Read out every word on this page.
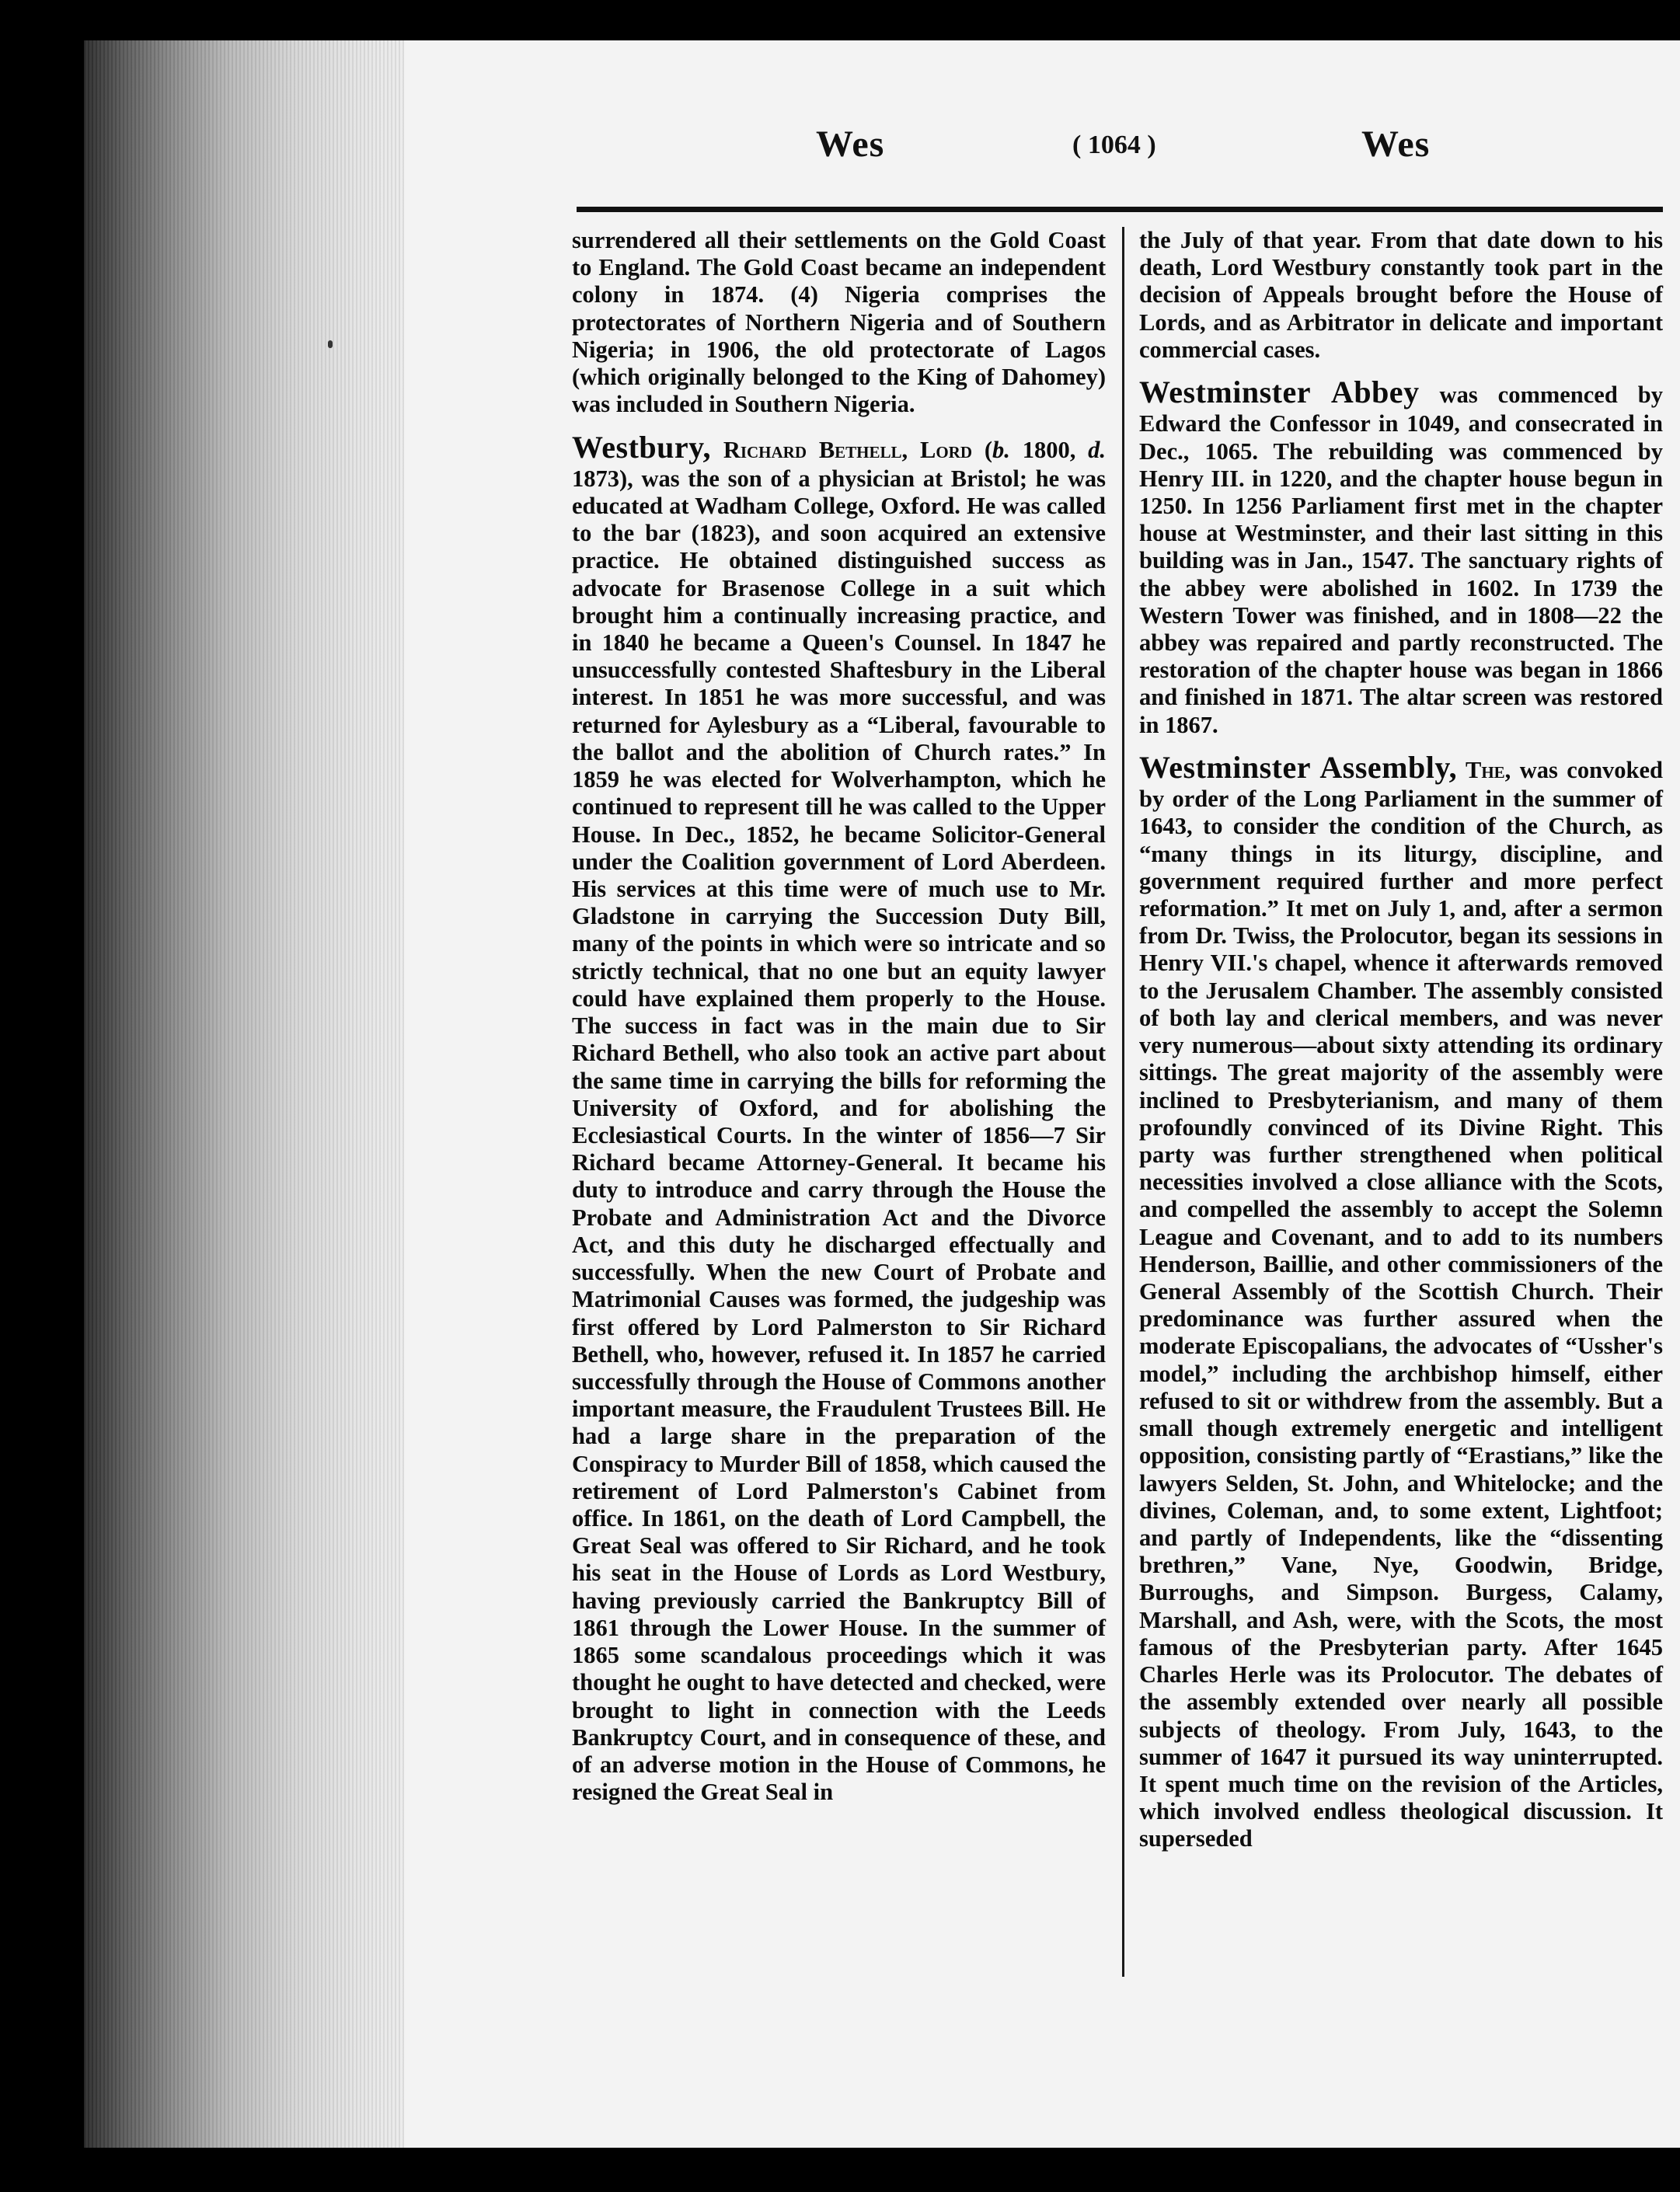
Wes	( 1064 )	Wes

surrendered all their settlements on the Gold Coast to England. The Gold Coast became an independent colony in 1874. (4) Nigeria comprises the protectorates of Northern Nigeria and of Southern Nigeria; in 1906, the old protectorate of Lagos (which originally belonged to the King of Dahomey) was included in Southern Nigeria.

Westbury, Richard Bethell, Lord (b. 1800, d. 1873), was the son of a physician at Bristol; he was educated at Wadham College, Oxford. He was called to the bar (1823), and soon acquired an extensive practice. He obtained distinguished success as advocate for Brasenose College in a suit which brought him a continually increasing practice, and in 1840 he became a Queen's Counsel. In 1847 he unsuccessfully contested Shaftesbury in the Liberal interest. In 1851 he was more successful, and was returned for Aylesbury as a “Liberal, favourable to the ballot and the abolition of Church rates.” In 1859 he was elected for Wolverhampton, which he continued to represent till he was called to the Upper House. In Dec., 1852, he became Solicitor-General under the Coalition government of Lord Aberdeen. His services at this time were of much use to Mr. Gladstone in carrying the Succession Duty Bill, many of the points in which were so intricate and so strictly technical, that no one but an equity lawyer could have explained them properly to the House. The success in fact was in the main due to Sir Richard Bethell, who also took an active part about the same time in carrying the bills for reforming the University of Oxford, and for abolishing the Ecclesiastical Courts. In the winter of 1856—7 Sir Richard became Attorney-General. It became his duty to introduce and carry through the House the Probate and Administration Act and the Divorce Act, and this duty he discharged effectually and successfully. When the new Court of Probate and Matrimonial Causes was formed, the judgeship was first offered by Lord Palmerston to Sir Richard Bethell, who, however, refused it. In 1857 he carried successfully through the House of Commons another important measure, the Fraudulent Trustees Bill. He had a large share in the preparation of the Conspiracy to Murder Bill of 1858, which caused the retirement of Lord Palmerston's Cabinet from office. In 1861, on the death of Lord Campbell, the Great Seal was offered to Sir Richard, and he took his seat in the House of Lords as Lord Westbury, having previously carried the Bankruptcy Bill of 1861 through the Lower House. In the summer of 1865 some scandalous proceedings which it was thought he ought to have detected and checked, were brought to light in connection with the Leeds Bankruptcy Court, and in consequence of these, and of an adverse motion in the House of Commons, he resigned the Great Seal in

the July of that year. From that date down to his death, Lord Westbury constantly took part in the decision of Appeals brought before the House of Lords, and as Arbitrator in delicate and important commercial cases.

Westminster Abbey was commenced by Edward the Confessor in 1049, and consecrated in Dec., 1065. The rebuilding was commenced by Henry III. in 1220, and the chapter house begun in 1250. In 1256 Parliament first met in the chapter house at Westminster, and their last sitting in this building was in Jan., 1547. The sanctuary rights of the abbey were abolished in 1602. In 1739 the Western Tower was finished, and in 1808—22 the abbey was repaired and partly reconstructed. The restoration of the chapter house was began in 1866 and finished in 1871. The altar screen was restored in 1867.

Westminster Assembly, The, was convoked by order of the Long Parliament in the summer of 1643, to consider the condition of the Church, as “many things in its liturgy, discipline, and government required further and more perfect reformation.” It met on July 1, and, after a sermon from Dr. Twiss, the Prolocutor, began its sessions in Henry VII.'s chapel, whence it afterwards removed to the Jerusalem Chamber. The assembly consisted of both lay and clerical members, and was never very numerous—about sixty attending its ordinary sittings. The great majority of the assembly were inclined to Presbyterianism, and many of them profoundly convinced of its Divine Right. This party was further strengthened when political necessities involved a close alliance with the Scots, and compelled the assembly to accept the Solemn League and Covenant, and to add to its numbers Henderson, Baillie, and other commissioners of the General Assembly of the Scottish Church. Their predominance was further assured when the moderate Episcopalians, the advocates of “Ussher's model,” including the archbishop himself, either refused to sit or withdrew from the assembly. But a small though extremely energetic and intelligent opposition, consisting partly of “Erastians,” like the lawyers Selden, St. John, and Whitelocke; and the divines, Coleman, and, to some extent, Lightfoot; and partly of Independents, like the “dissenting brethren,” Vane, Nye, Goodwin, Bridge, Burroughs, and Simpson. Burgess, Calamy, Marshall, and Ash, were, with the Scots, the most famous of the Presbyterian party. After 1645 Charles Herle was its Prolocutor. The debates of the assembly extended over nearly all possible subjects of theology. From July, 1643, to the summer of 1647 it pursued its way uninterrupted. It spent much time on the revision of the Articles, which involved endless theological discussion. It superseded
